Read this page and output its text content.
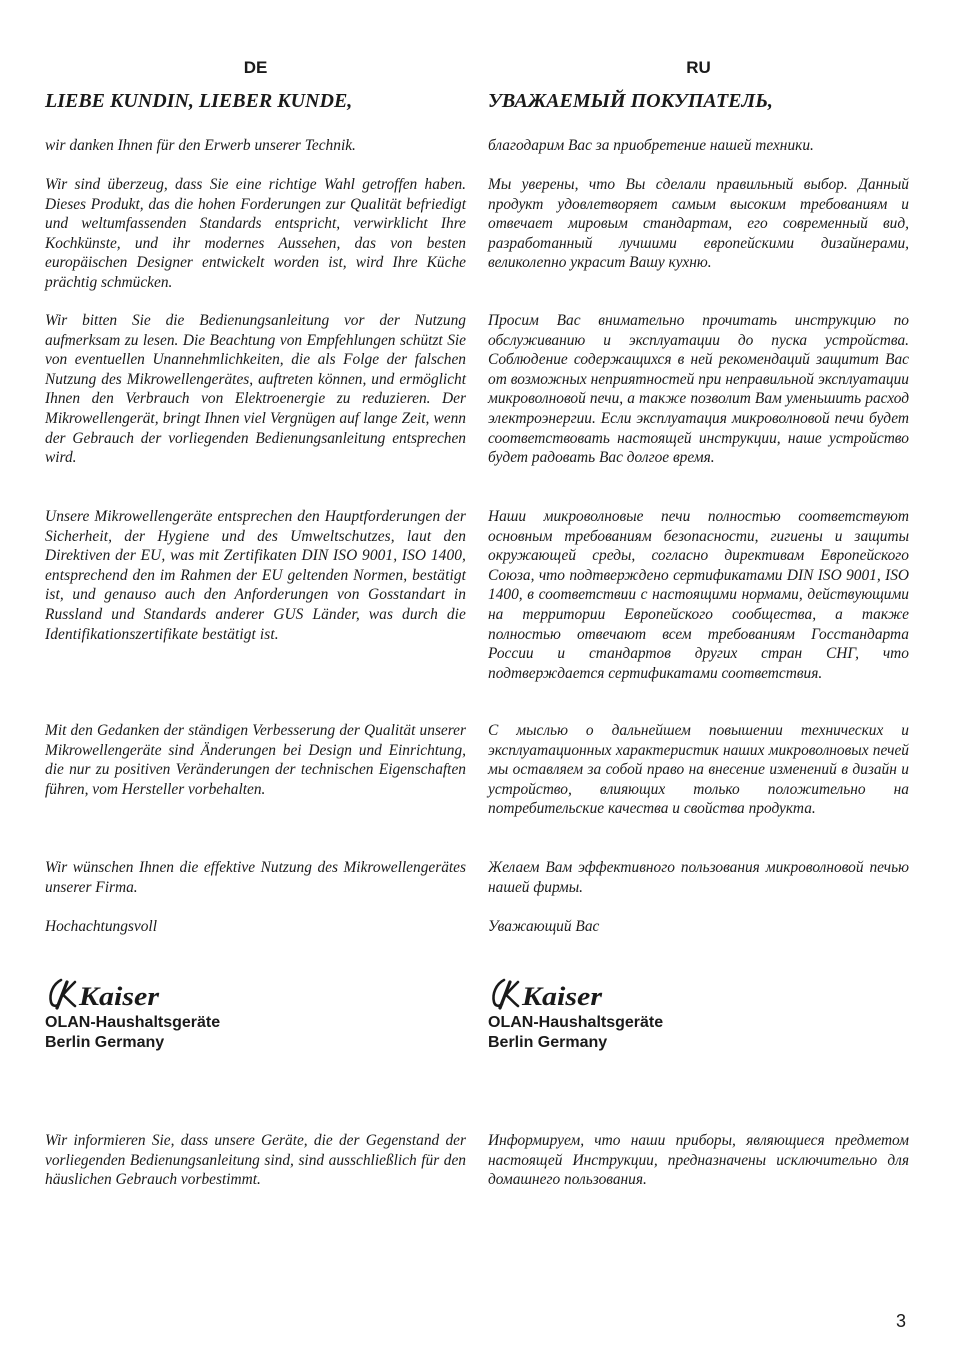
DE
LIEBE KUNDIN, LIEBER KUNDE,

wir danken Ihnen für den Erwerb unserer Technik.

Wir sind überzeug, dass Sie eine richtige Wahl getroffen haben. Dieses Produkt, das die hohen Forderungen zur Qualität befriedigt und weltumfassenden Standards entspricht, verwirklicht Ihre Kochkünste, und ihr modernes Aussehen, das von besten europäischen Designer entwickelt worden ist, wird Ihre Küche prächtig schmücken.

Wir bitten Sie die Bedienungsanleitung vor der Nutzung aufmerksam zu lesen. Die Beachtung von Empfehlungen schützt Sie von eventuellen Unannehmlichkeiten, die als Folge der falschen Nutzung des Mikrowellengerätes, auftreten können, und ermöglicht Ihnen den Verbrauch von Elektroenergie zu reduzieren. Der Mikrowellengerät, bringt Ihnen viel Vergnügen auf lange Zeit, wenn der Gebrauch der vorliegenden Bedienungsanleitung entsprechen wird.

Unsere Mikrowellengeräte entsprechen den Hauptforderungen der Sicherheit, der Hygiene und des Umweltschutzes, laut den Direktiven der EU, was mit Zertifikaten DIN ISO 9001, ISO 1400, entsprechend den im Rahmen der EU geltenden Normen, bestätigt ist, und genauso auch den Anforderungen von Gosstandart in Russland und Standards anderer GUS Länder, was durch die Identifikationszertifikate bestätigt ist.

Mit den Gedanken der ständigen Verbesserung der Qualität unserer Mikrowellengeräte sind Änderungen bei Design und Einrichtung, die nur zu positiven Veränderungen der technischen Eigenschaften führen, vom Hersteller vorbehalten.

Wir wünschen Ihnen die effektive Nutzung des Mikrowellengerätes unserer Firma.

Hochachtungsvoll

Kaiser
OLAN-Haushaltsgeräte
Berlin Germany

Wir informieren Sie, dass unsere Geräte, die der Gegenstand der vorliegenden Bedienungsanleitung sind, sind ausschließlich für den häuslichen Gebrauch vorbestimmt.

RU
УВАЖАЕМЫЙ ПОКУПАТЕЛЬ,

благодарим Вас за приобретение нашей техники.

Мы уверены, что Вы сделали правильный выбор. Данный продукт удовлетворяет самым высоким требованиям и отвечает мировым стандартам, его современный вид, разработанный лучшими европейскими дизайнерами, великолепно украсит Вашу кухню.

Просим Вас внимательно прочитать инструкцию по обслуживанию и эксплуатации до пуска устройства. Соблюдение содержащихся в ней рекомендаций защитит Вас от возможных неприятностей при неправильной эксплуатации микроволновой печи, а также позволит Вам уменьшить расход электроэнергии. Если эксплуатация микроволновой печи будет соответствовать настоящей инструкции, наше устройство будет радовать Вас долгое время.

Наши микроволновые печи полностью соответствуют основным требованиям безопасности, гигиены и защиты окружающей среды, согласно директивам Европейского Союза, что подтверждено сертификатами DIN ISO 9001, ISO 1400, в соответствии с настоящими нормами, действующими на территории Европейского сообщества, а также полностью отвечают всем требованиям Госстандарта России и стандартов других стран СНГ, что подтверждается сертификатами соответствия.

С мыслью о дальнейшем повышении технических и эксплуатационных характеристик наших микроволновых печей мы оставляем за собой право на внесение изменений в дизайн и устройство, влияющих только положительно на потребительские качества и свойства продукта.

Желаем Вам эффективного пользования микроволновой печью нашей фирмы.

Уважающий Вас

Kaiser
OLAN-Haushaltsgeräte
Berlin Germany

Информируем, что наши приборы, являющиеся предметом настоящей Инструкции, предназначены исключительно для домашнего пользования.

3
